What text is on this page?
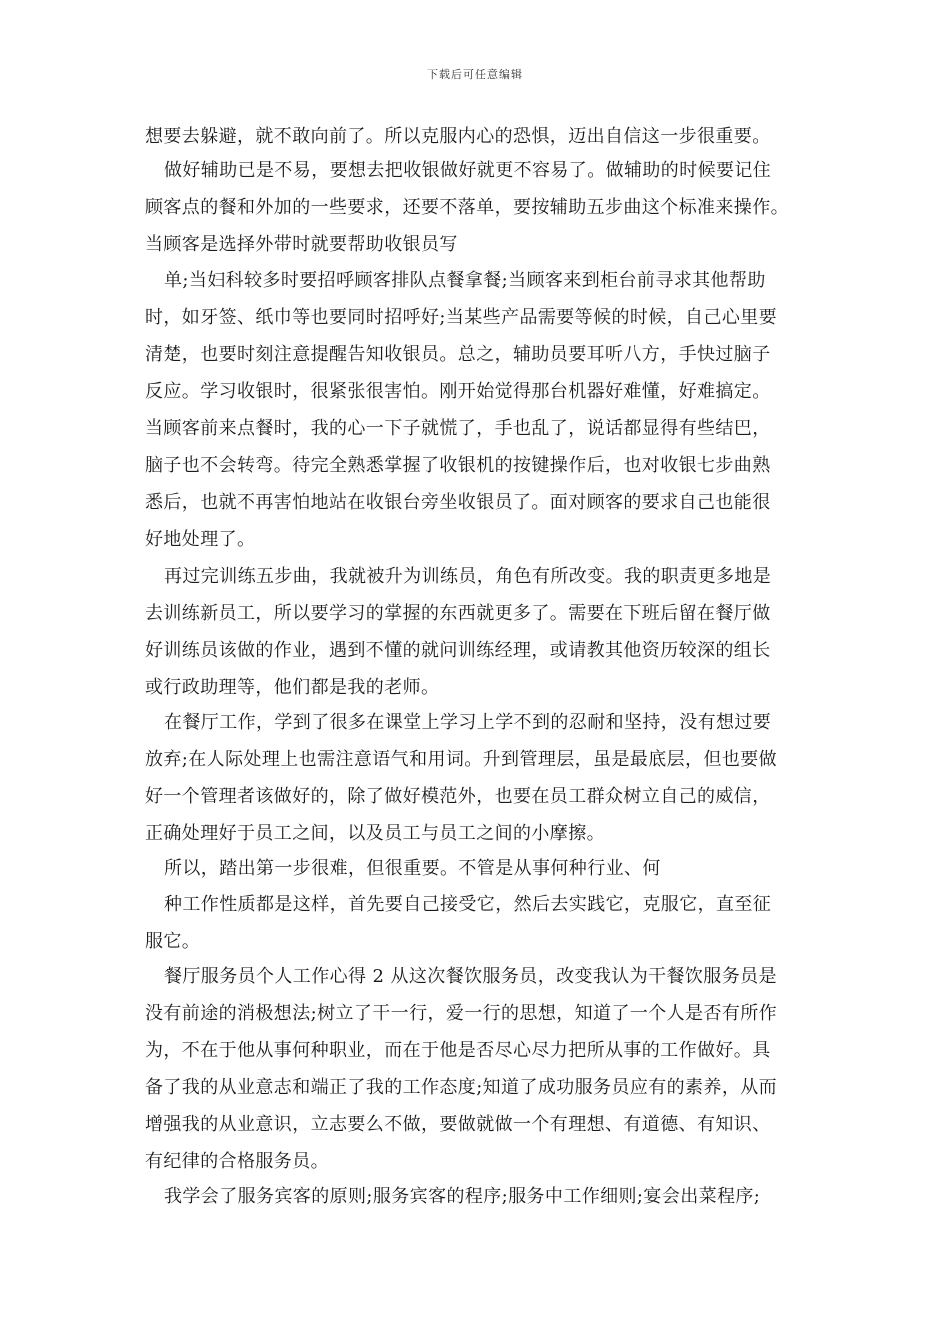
下载后可任意编辑
想要去躲避，就不敢向前了。所以克服内心的恐惧，迈出自信这一步很重要。
做好辅助已是不易，要想去把收银做好就更不容易了。做辅助的时候要记住
顾客点的餐和外加的一些要求，还要不落单，要按辅助五步曲这个标准来操作。
当顾客是选择外带时就要帮助收银员写
单;当妇科较多时要招呼顾客排队点餐拿餐;当顾客来到柜台前寻求其他帮助
时，如牙签、纸巾等也要同时招呼好;当某些产品需要等候的时候，自己心里要
清楚，也要时刻注意提醒告知收银员。总之，辅助员要耳听八方，手快过脑子
反应。学习收银时，很紧张很害怕。刚开始觉得那台机器好难懂，好难搞定。
当顾客前来点餐时，我的心一下子就慌了，手也乱了，说话都显得有些结巴，
脑子也不会转弯。待完全熟悉掌握了收银机的按键操作后，也对收银七步曲熟
悉后，也就不再害怕地站在收银台旁坐收银员了。面对顾客的要求自己也能很
好地处理了。
再过完训练五步曲，我就被升为训练员，角色有所改变。我的职责更多地是
去训练新员工，所以要学习的掌握的东西就更多了。需要在下班后留在餐厅做
好训练员该做的作业，遇到不懂的就问训练经理，或请教其他资历较深的组长
或行政助理等，他们都是我的老师。
在餐厅工作，学到了很多在课堂上学习上学不到的忍耐和坚持，没有想过要
放弃;在人际处理上也需注意语气和用词。升到管理层，虽是最底层，但也要做
好一个管理者该做好的，除了做好模范外，也要在员工群众树立自己的威信，
正确处理好于员工之间，以及员工与员工之间的小摩擦。
所以，踏出第一步很难，但很重要。不管是从事何种行业、何
种工作性质都是这样，首先要自己接受它，然后去实践它，克服它，直至征
服它。
餐厅服务员个人工作心得 2 从这次餐饮服务员，改变我认为干餐饮服务员是
没有前途的消极想法;树立了干一行，爱一行的思想，知道了一个人是否有所作
为，不在于他从事何种职业，而在于他是否尽心尽力把所从事的工作做好。具
备了我的从业意志和端正了我的工作态度;知道了成功服务员应有的素养，从而
增强我的从业意识，立志要么不做，要做就做一个有理想、有道德、有知识、
有纪律的合格服务员。
我学会了服务宾客的原则;服务宾客的程序;服务中工作细则;宴会出菜程序;
